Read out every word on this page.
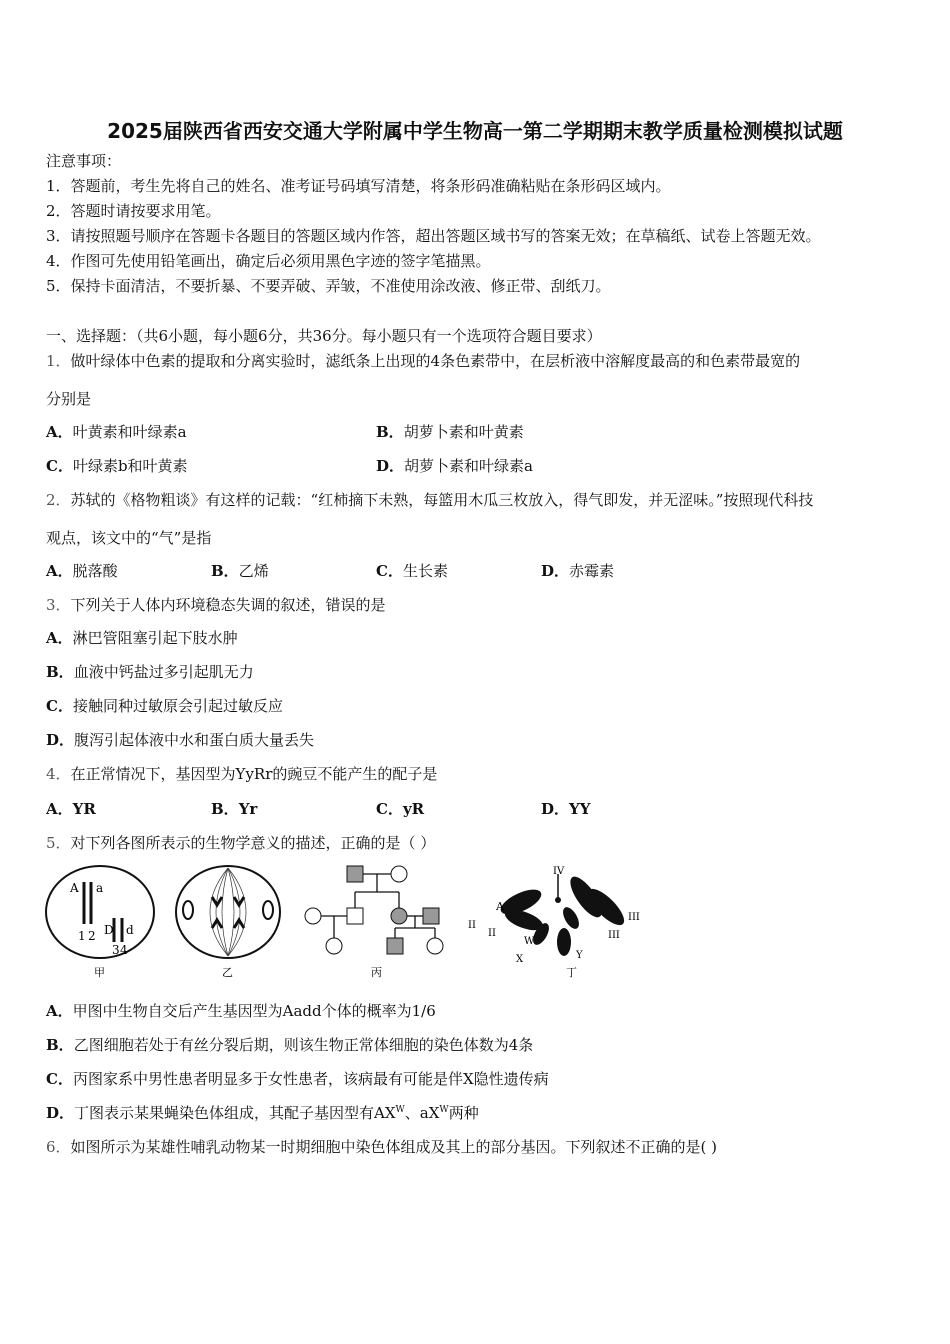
2025届陕西省西安交通大学附属中学生物高一第二学期期末教学质量检测模拟试题
注意事项：
1．答题前，考生先将自己的姓名、准考证号码填写清楚，将条形码准确粘贴在条形码区域内。
2．答题时请按要求用笔。
3．请按照题号顺序在答题卡各题目的答题区域内作答，超出答题区域书写的答案无效；在草稿纸、试卷上答题无效。
4．作图可先使用铅笔画出，确定后必须用黑色字迹的签字笔描黑。
5．保持卡面清洁，不要折暴、不要弄破、弄皱，不准使用涂改液、修正带、刮纸刀。
一、选择题：（共6小题，每小题6分，共36分。每小题只有一个选项符合题目要求）
1．做叶绿体中色素的提取和分离实验时，滤纸条上出现的4条色素带中，在层析液中溶解度最高的和色素带最宽的
分别是
A．叶黄素和叶绿素a	B．胡萝卜素和叶黄素
C．叶绿素b和叶黄素	D．胡萝卜素和叶绿素a
2．苏轼的《格物粗谈》有这样的记载：“红柿摘下未熟，每篮用木瓜三枚放入，得气即发，并无涩味。”按照现代科技
观点，该文中的“气”是指
A．脱落酸	B．乙烯	C．生长素	D．赤霉素
3．下列关于人体内环境稳态失调的叙述，错误的是
A．淋巴管阻塞引起下肢水肿
B．血液中钙盐过多引起肌无力
C．接触同种过敏原会引起过敏反应
D．腹泻引起体液中水和蛋白质大量丢失
4．在正常情况下，基因型为YyRr的豌豆不能产生的配子是
A．YR	B．Yr	C．yR	D．YY
5．对下列各图所表示的生物学意义的描述，正确的是（ ）
A a
1 2 D d
3 4
甲	乙	丙
IV
II
II
III
III
A
a
W
X	Y
丁
A．甲图中生物自交后产生基因型为Aadd个体的概率为1/6
B．乙图细胞若处于有丝分裂后期，则该生物正常体细胞的染色体数为4条
C．丙图家系中男性患者明显多于女性患者，该病最有可能是伴X隐性遗传病
D．丁图表示某果蝇染色体组成，其配子基因型有$AX^W$、$aX^W$两种
6．如图所示为某雄性哺乳动物某一时期细胞中染色体组成及其上的部分基因。下列叙述不正确的是( )
